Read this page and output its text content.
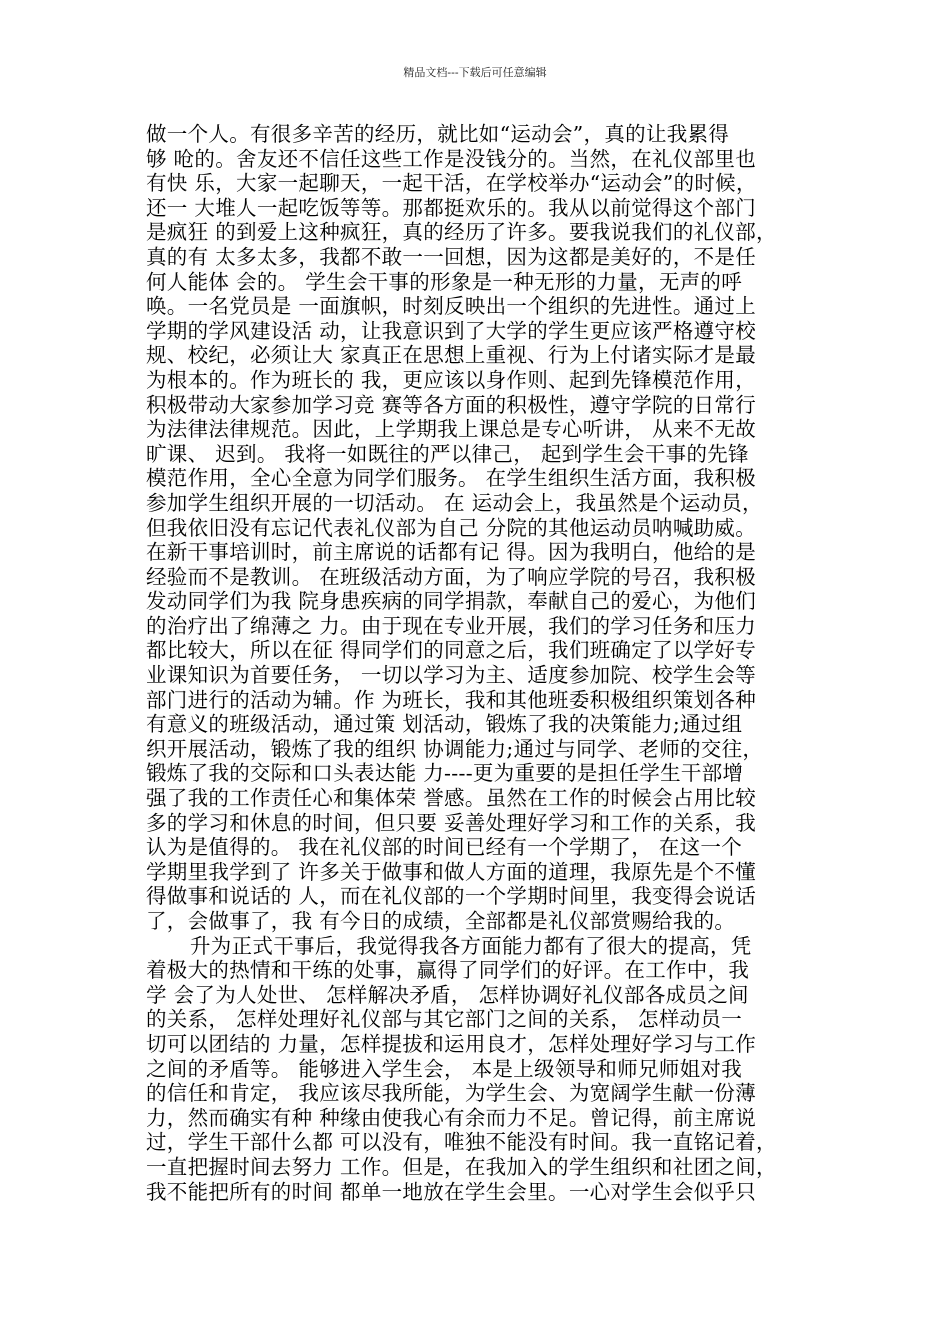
精品文档---下载后可任意编辑
做一个人。有很多辛苦的经历，就比如“运动会”，真的让我累得
够 呛的。舍友还不信任这些工作是没钱分的。当然，在礼仪部里也
有快 乐，大家一起聊天，一起干活，在学校举办“运动会”的时候，
还一 大堆人一起吃饭等等。那都挺欢乐的。我从以前觉得这个部门
是疯狂 的到爱上这种疯狂，真的经历了许多。要我说我们的礼仪部，
真的有 太多太多，我都不敢一一回想，因为这都是美好的，不是任
何人能体 会的。 学生会干事的形象是一种无形的力量，无声的呼
唤。一名党员是 一面旗帜，时刻反映出一个组织的先进性。通过上
学期的学风建设活 动，让我意识到了大学的学生更应该严格遵守校
规、校纪，必须让大 家真正在思想上重视、行为上付诸实际才是最
为根本的。作为班长的 我，更应该以身作则、起到先锋模范作用，
积极带动大家参加学习竞 赛等各方面的积极性，遵守学院的日常行
为法律法律规范。因此，上学期我上课总是专心听讲， 从来不无故
旷课、 迟到。 我将一如既往的严以律己， 起到学生会干事的先锋
模范作用，全心全意为同学们服务。 在学生组织生活方面，我积极
参加学生组织开展的一切活动。 在 运动会上，我虽然是个运动员，
但我依旧没有忘记代表礼仪部为自己 分院的其他运动员呐喊助威。
在新干事培训时，前主席说的话都有记 得。因为我明白，他给的是
经验而不是教训。 在班级活动方面，为了响应学院的号召，我积极
发动同学们为我 院身患疾病的同学捐款，奉献自己的爱心，为他们
的治疗出了绵薄之 力。由于现在专业开展，我们的学习任务和压力
都比较大，所以在征 得同学们的同意之后，我们班确定了以学好专
业课知识为首要任务， 一切以学习为主、适度参加院、校学生会等
部门进行的活动为辅。作 为班长，我和其他班委积极组织策划各种
有意义的班级活动，通过策 划活动，锻炼了我的决策能力;通过组
织开展活动，锻炼了我的组织 协调能力;通过与同学、老师的交往，
锻炼了我的交际和口头表达能 力----更为重要的是担任学生干部增
强了我的工作责任心和集体荣 誉感。虽然在工作的时候会占用比较
多的学习和休息的时间，但只要 妥善处理好学习和工作的关系，我
认为是值得的。 我在礼仪部的时间已经有一个学期了， 在这一个
学期里我学到了 许多关于做事和做人方面的道理，我原先是个不懂
得做事和说话的 人，而在礼仪部的一个学期时间里，我变得会说话
了，会做事了，我 有今日的成绩，全部都是礼仪部赏赐给我的。
升为正式干事后，我觉得我各方面能力都有了很大的提高，凭
着极大的热情和干练的处事，赢得了同学们的好评。在工作中，我
学 会了为人处世、 怎样解决矛盾， 怎样协调好礼仪部各成员之间
的关系， 怎样处理好礼仪部与其它部门之间的关系， 怎样动员一
切可以团结的 力量，怎样提拔和运用良才，怎样处理好学习与工作
之间的矛盾等。 能够进入学生会， 本是上级领导和师兄师姐对我
的信任和肯定， 我应该尽我所能，为学生会、为宽阔学生献一份薄
力，然而确实有种 种缘由使我心有余而力不足。曾记得，前主席说
过，学生干部什么都 可以没有，唯独不能没有时间。我一直铭记着，
一直把握时间去努力 工作。但是，在我加入的学生组织和社团之间，
我不能把所有的时间 都单一地放在学生会里。一心对学生会似乎只
